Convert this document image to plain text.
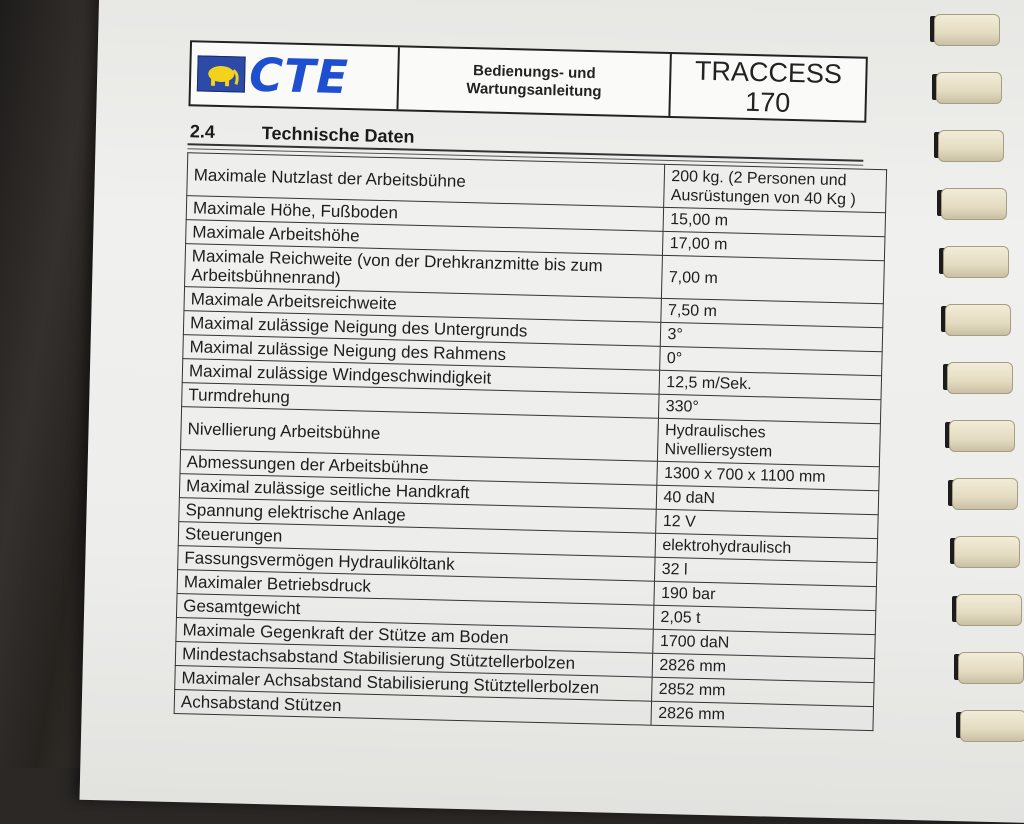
CTE	Bedienungs- und
Wartungsanleitung
TRACCESS
170
2.4	Technische Daten
Maximale Nutzlast der Arbeitsbühne	200 kg. (2 Personen und
Ausrüstungen von 40 Kg )

Maximale Höhe, Fußboden	15,00 m

Maximale Arbeitshöhe	17,00 m

Maximale Reichweite (von der Drehkranzmitte bis zum Arbeitsbühnenrand)	7,00 m

Maximale Arbeitsreichweite	7,50 m

Maximal zulässige Neigung des Untergrunds	3°

Maximal zulässige Neigung des Rahmens	0°

Maximal zulässige Windgeschwindigkeit	12,5 m/Sek.

Turmdrehung	330°

Nivellierung Arbeitsbühne	Hydraulisches
Nivelliersystem

Abmessungen der Arbeitsbühne	1300 x 700 x 1100 mm

Maximal zulässige seitliche Handkraft	40 daN

Spannung elektrische Anlage	12 V

Steuerungen	elektrohydraulisch

Fassungsvermögen Hydrauliköltank	32 l

Maximaler Betriebsdruck	190 bar

Gesamtgewicht	2,05 t

Maximale Gegenkraft der Stütze am Boden	1700 daN

Mindestachsabstand Stabilisierung Stütztellerbolzen	2826 mm

Maximaler Achsabstand Stabilisierung Stütztellerbolzen	2852 mm

Achsabstand Stützen	2826 mm
